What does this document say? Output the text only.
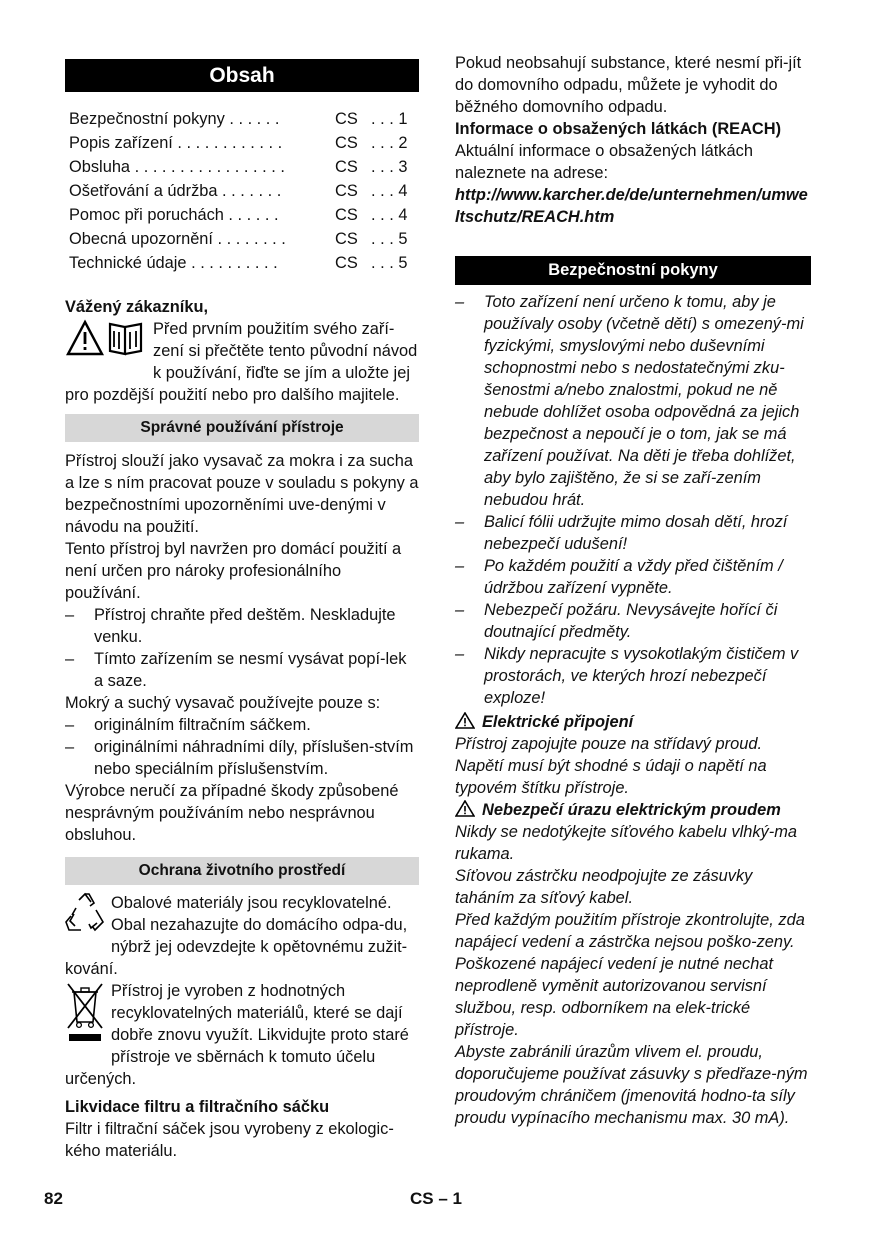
Obsah
Bezpečnostní pokyny . . . . . .	CS . . . 1
Popis zařízení . . . . . . . . . . . .	CS . . . 2
Obsluha . . . . . . . . . . . . . . . . .	CS . . . 3
Ošetřování a údržba . . . . . . .	CS . . . 4
Pomoc při poruchách . . . . . .	CS . . . 4
Obecná upozornění . . . . . . . .	CS . . . 5
Technické údaje . . . . . . . . . .	CS . . . 5

Vážený zákazníku,

Před prvním použitím svého zaří-zení si přečtěte tento původní návod k používání, řiďte se jím a uložte jej pro pozdější použití nebo pro dalšího majitele.
Správné používání přístroje

Přístroj slouží jako vysavač za mokra i za sucha a lze s ním pracovat pouze v souladu s pokyny a bezpečnostními upozorněními uve-denými v návodu na použití.

Tento přístroj byl navržen pro domácí použití a není určen pro nároky profesionálního používání.

– Přístroj chraňte před deštěm. Neskladujte venku.
– Tímto zařízením se nesmí vysávat popí-lek a saze.

Mokrý a suchý vysavač používejte pouze s:

– originálním filtračním sáčkem.
– originálními náhradními díly, příslušen-stvím nebo speciálním příslušenstvím.

Výrobce neručí za případné škody způsobené nesprávným používáním nebo nesprávnou obsluhou.

Ochrana životního prostředí
Obalové materiály jsou recyklovatelné. Obal nezahazujte do domácího odpa-du, nýbrž jej odevzdejte k opětovnému zužit-kování.
Přístroj je vyroben z hodnotných recyklovatelných materiálů, které se dají dobře znovu využít. Likvidujte proto staré přístroje ve sběrnách k tomuto účelu určených.

Likvidace filtru a filtračního sáčku

Filtr i filtrační sáček jsou vyrobeny z ekologic-kého materiálu.

Pokud neobsahují substance, které nesmí při-jít do domovního odpadu, můžete je vyhodit do běžného domovního odpadu.

Informace o obsažených látkách (REACH)

Aktuální informace o obsažených látkách naleznete na adrese:

http://www.karcher.de/de/unternehmen/umweltschutz/REACH.htm

Bezpečnostní pokyny
– Toto zařízení není určeno k tomu, aby je používaly osoby (včetně dětí) s omezený-mi fyzickými, smyslovými nebo duševními schopnostmi nebo s nedostatečnými zku-šenostmi a/nebo znalostmi, pokud ne ně nebude dohlížet osoba odpovědná za jejich bezpečnost a nepoučí je o tom, jak se má zařízení používat. Na děti je třeba dohlížet, aby bylo zajištěno, že si se zaří-zením nebudou hrát.
– Balicí fólii udržujte mimo dosah dětí, hrozí nebezpečí udušení!
– Po každém použití a vždy před čištěním / údržbou zařízení vypněte.
– Nebezpečí požáru. Nevysávejte hořící či doutnající předměty.
– Nikdy nepracujte s vysokotlakým čističem v prostorách, ve kterých hrozí nebezpečí exploze!

Elektrické připojení

Přístroj zapojujte pouze na střídavý proud. Napětí musí být shodné s údaji o napětí na typovém štítku přístroje.

Nebezpečí úrazu elektrickým proudem

Nikdy se nedotýkejte síťového kabelu vlhký-ma rukama.

Síťovou zástrčku neodpojujte ze zásuvky taháním za síťový kabel.

Před každým použitím přístroje zkontrolujte, zda napájecí vedení a zástrčka nejsou poško-zeny. Poškozené napájecí vedení je nutné nechat neprodleně vyměnit autorizovanou servisní službou, resp. odborníkem na elek-trické přístroje.

Abyste zabránili úrazům vlivem el. proudu, doporučujeme používat zásuvky s předřaze-ným proudovým chráničem (jmenovitá hodno-ta síly proudu vypínacího mechanismu max. 30 mA).

82	CS – 1
